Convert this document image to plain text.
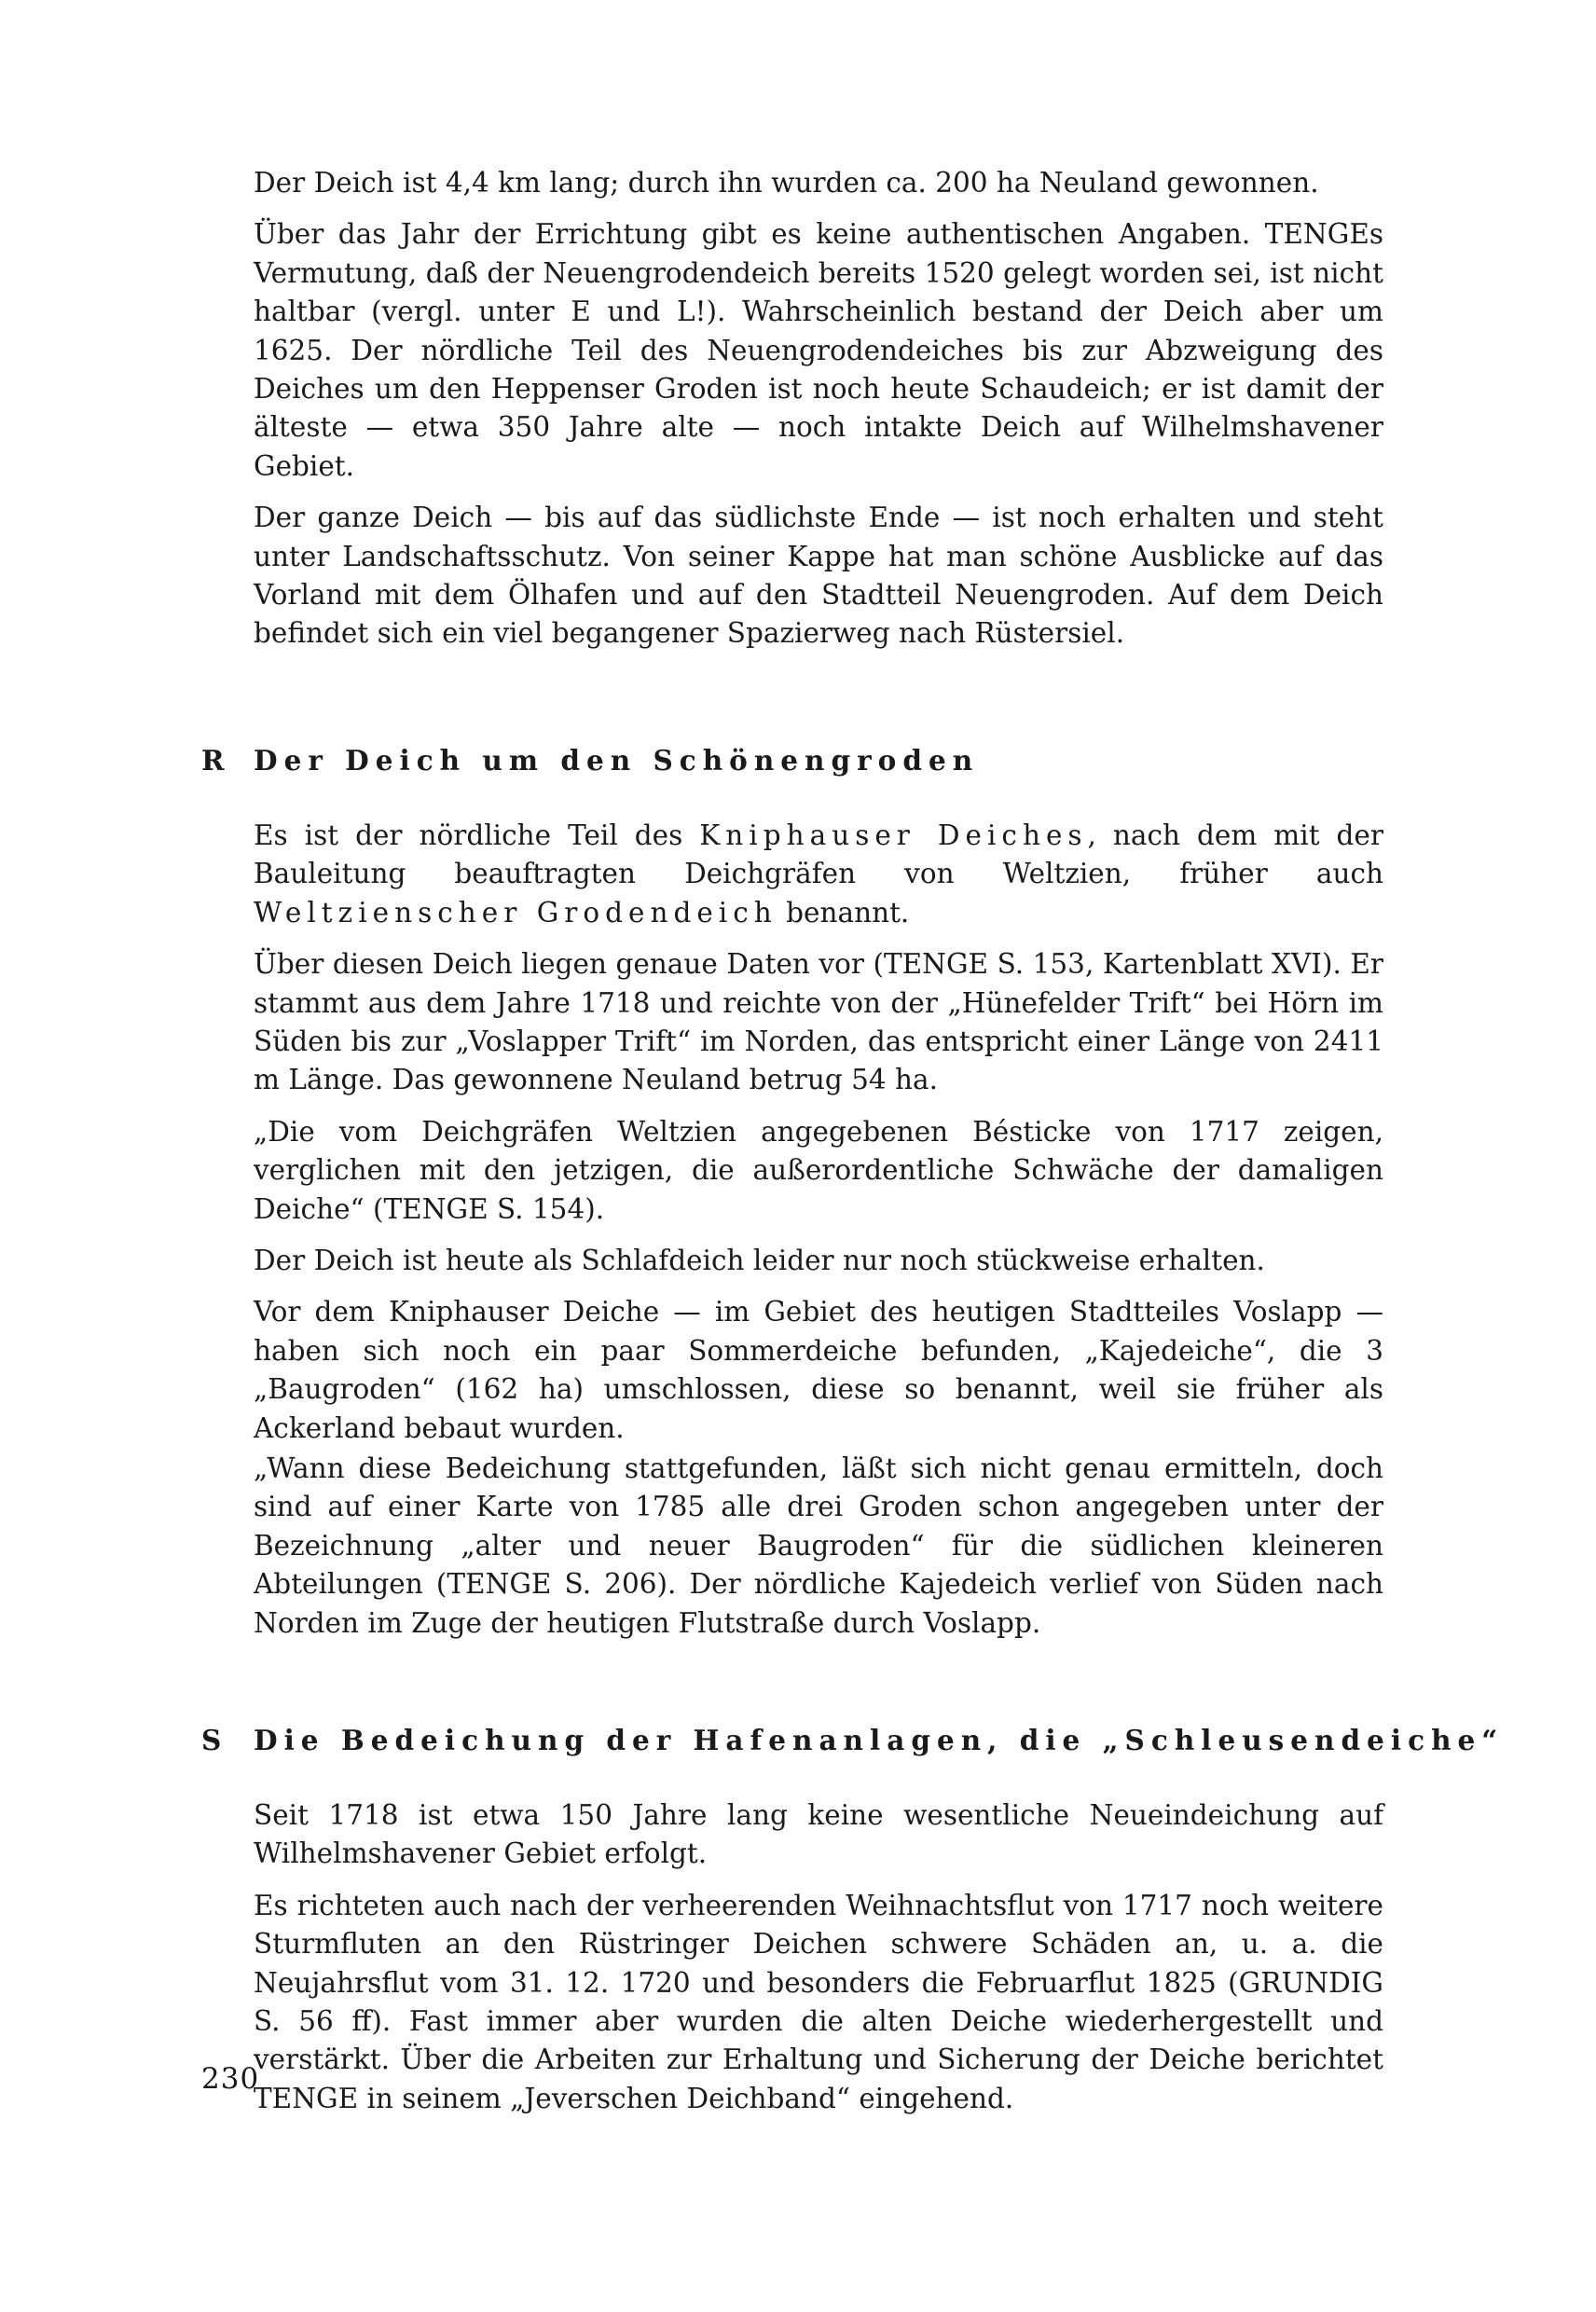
Der Deich ist 4,4 km lang; durch ihn wurden ca. 200 ha Neuland gewonnen.

Über das Jahr der Errichtung gibt es keine authentischen Angaben. TENGEs Vermutung, daß der Neuengrodendeich bereits 1520 gelegt worden sei, ist nicht haltbar (vergl. unter E und L!). Wahrscheinlich bestand der Deich aber um 1625. Der nördliche Teil des Neuengrodendeiches bis zur Abzweigung des Deiches um den Heppenser Groden ist noch heute Schaudeich; er ist damit der älteste — etwa 350 Jahre alte — noch intakte Deich auf Wilhelmshavener Gebiet.

Der ganze Deich — bis auf das südlichste Ende — ist noch erhalten und steht unter Landschaftsschutz. Von seiner Kappe hat man schöne Ausblicke auf das Vorland mit dem Ölhafen und auf den Stadtteil Neuengroden. Auf dem Deich befindet sich ein viel begangener Spazierweg nach Rüstersiel.

R Der Deich um den Schönengroden

Es ist der nördliche Teil des Kniphauser Deiches, nach dem mit der Bauleitung beauftragten Deichgräfen von Weltzien, früher auch Weltzienscher Grodendeich benannt.

Über diesen Deich liegen genaue Daten vor (TENGE S. 153, Kartenblatt XVI). Er stammt aus dem Jahre 1718 und reichte von der „Hünefelder Trift“ bei Hörn im Süden bis zur „Voslapper Trift“ im Norden, das entspricht einer Länge von 2411 m Länge. Das gewonnene Neuland betrug 54 ha.

„Die vom Deichgräfen Weltzien angegebenen Bésticke von 1717 zeigen, verglichen mit den jetzigen, die außerordentliche Schwäche der damaligen Deiche“ (TENGE S. 154).

Der Deich ist heute als Schlafdeich leider nur noch stückweise erhalten.

Vor dem Kniphauser Deiche — im Gebiet des heutigen Stadtteiles Voslapp — haben sich noch ein paar Sommerdeiche befunden, „Kajedeiche“, die 3 „Baugroden“ (162 ha) umschlossen, diese so benannt, weil sie früher als Ackerland bebaut wurden.

„Wann diese Bedeichung stattgefunden, läßt sich nicht genau ermitteln, doch sind auf einer Karte von 1785 alle drei Groden schon angegeben unter der Bezeichnung „alter und neuer Baugroden“ für die südlichen kleineren Abteilungen (TENGE S. 206). Der nördliche Kajedeich verlief von Süden nach Norden im Zuge der heutigen Flutstraße durch Voslapp.

S Die Bedeichung der Hafenanlagen, die „Schleusendeiche“

Seit 1718 ist etwa 150 Jahre lang keine wesentliche Neueindeichung auf Wilhelmshavener Gebiet erfolgt.

Es richteten auch nach der verheerenden Weihnachtsflut von 1717 noch weitere Sturmfluten an den Rüstringer Deichen schwere Schäden an, u. a. die Neujahrsflut vom 31. 12. 1720 und besonders die Februarflut 1825 (GRUNDIG S. 56 ff). Fast immer aber wurden die alten Deiche wiederhergestellt und verstärkt. Über die Arbeiten zur Erhaltung und Sicherung der Deiche berichtet TENGE in seinem „Jeverschen Deichband“ eingehend.

230
